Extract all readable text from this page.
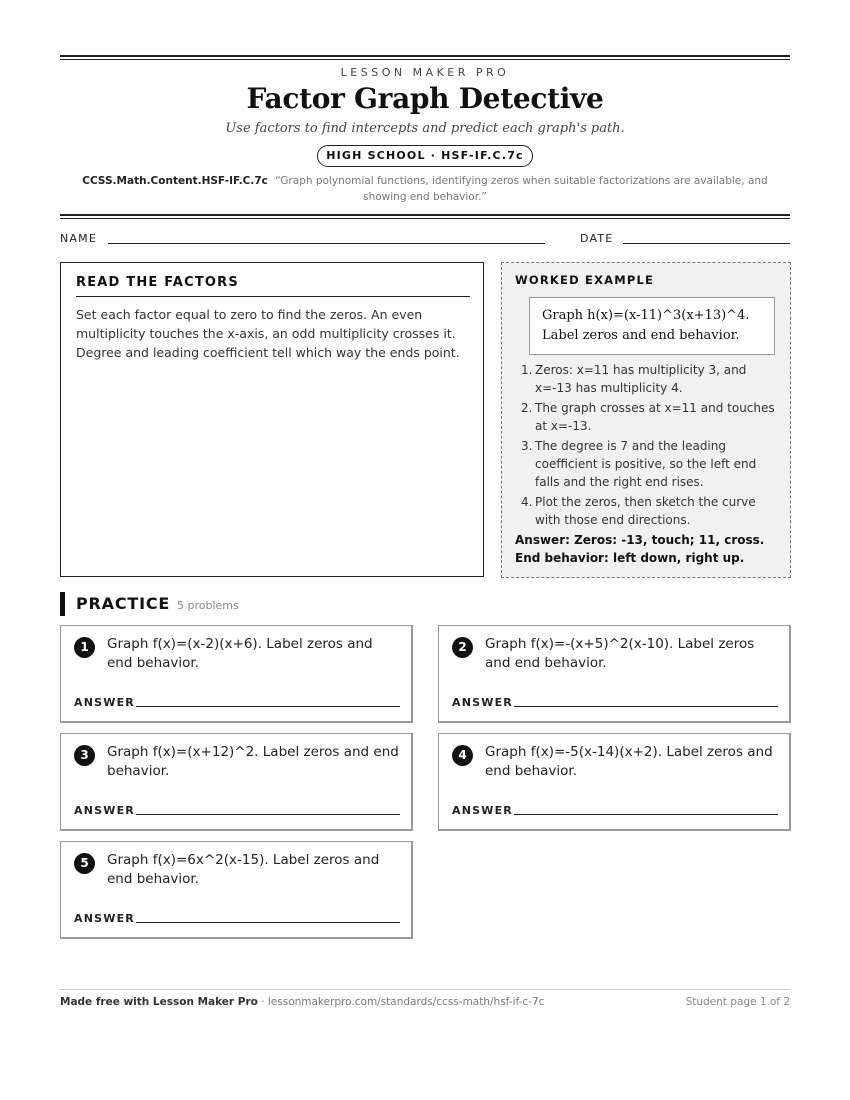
LESSON MAKER PRO
Factor Graph Detective
Use factors to find intercepts and predict each graph's path.
HIGH SCHOOL · HSF-IF.C.7c
CCSS.Math.Content.HSF-IF.C.7c “Graph polynomial functions, identifying zeros when suitable factorizations are available, and showing end behavior.”
NAME	DATE
READ THE FACTORS
Set each factor equal to zero to find the zeros. An even multiplicity touches the x-axis, an odd multiplicity crosses it. Degree and leading coefficient tell which way the ends point.
WORKED EXAMPLE
Graph h(x)=(x-11)^3(x+13)^4. Label zeros and end behavior.
1. Zeros: x=11 has multiplicity 3, and x=-13 has multiplicity 4.
2. The graph crosses at x=11 and touches at x=-13.
3. The degree is 7 and the leading coefficient is positive, so the left end falls and the right end rises.
4. Plot the zeros, then sketch the curve with those end directions.
Answer: Zeros: -13, touch; 11, cross. End behavior: left down, right up.
PRACTICE 5 problems
1	Graph f(x)=(x-2)(x+6). Label zeros and end behavior.
ANSWER
2	Graph f(x)=-(x+5)^2(x-10). Label zeros and end behavior.
ANSWER
3	Graph f(x)=(x+12)^2. Label zeros and end behavior.
ANSWER
4	Graph f(x)=-5(x-14)(x+2). Label zeros and end behavior.
ANSWER
5	Graph f(x)=6x^2(x-15). Label zeros and end behavior.
ANSWER
Made free with Lesson Maker Pro · lessonmakerpro.com/standards/ccss-math/hsf-if-c-7c	Student page 1 of 2
